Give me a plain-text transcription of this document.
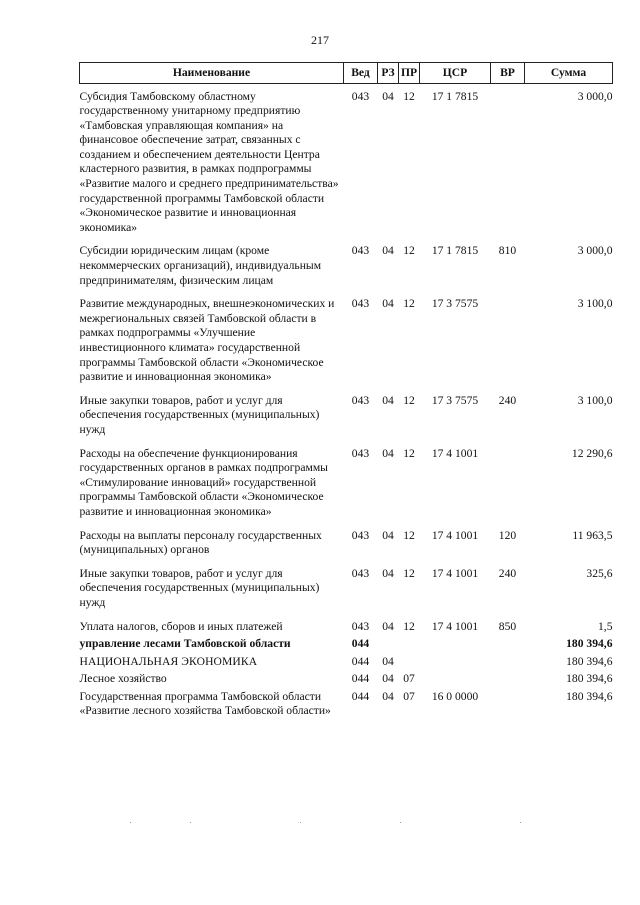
217
Наименование	Вед	РЗ	ПР	ЦСР	ВР	Сумма

Субсидия Тамбовскому областному государственному унитарному предприятию «Тамбовская управляющая компания» на финансовое обеспечение затрат, связанных с созданием и обеспечением деятельности Центра кластерного развития, в рамках подпрограммы «Развитие малого и среднего предпринимательства» государственной программы Тамбовской области «Экономическое развитие и инновационная экономика»	043	04	12	17 1 7815		3 000,0
Субсидии юридическим лицам (кроме некоммерческих организаций), индивидуальным предпринимателям, физическим лицам	043	04	12	17 1 7815	810	3 000,0
Развитие международных, внешнеэкономических и межрегиональных связей Тамбовской области в рамках подпрограммы «Улучшение инвестиционного климата» государственной программы Тамбовской области «Экономическое развитие и инновационная экономика»	043	04	12	17 3 7575		3 100,0
Иные закупки товаров, работ и услуг для обеспечения государственных (муниципальных) нужд	043	04	12	17 3 7575	240	3 100,0
Расходы на обеспечение функционирования государственных органов в рамках подпрограммы «Стимулирование инноваций» государственной программы Тамбовской области «Экономическое развитие и инновационная экономика»	043	04	12	17 4 1001		12 290,6
Расходы на выплаты персоналу государственных (муниципальных) органов	043	04	12	17 4 1001	120	11 963,5
Иные закупки товаров, работ и услуг для обеспечения государственных (муниципальных) нужд	043	04	12	17 4 1001	240	325,6
Уплата налогов, сборов и иных платежей	043	04	12	17 4 1001	850	1,5
управление лесами Тамбовской области	044					180 394,6
НАЦИОНАЛЬНАЯ ЭКОНОМИКА	044	04				180 394,6
Лесное хозяйство	044	04	07			180 394,6
Государственная программа Тамбовской области «Развитие лесного хозяйства Тамбовской области»	044	04	07	16 0 0000		180 394,6
